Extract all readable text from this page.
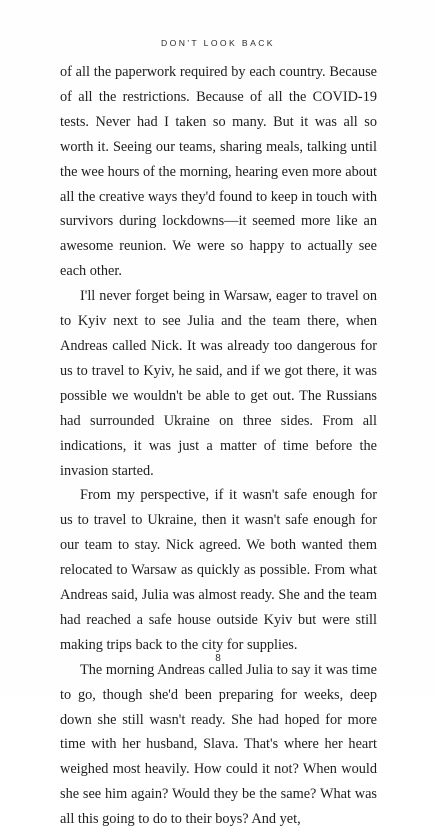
DON'T LOOK BACK

of all the paperwork required by each country. Because of all the restrictions. Because of all the COVID-19 tests. Never had I taken so many. But it was all so worth it. Seeing our teams, sharing meals, talking until the wee hours of the morning, hearing even more about all the creative ways they'd found to keep in touch with survivors during lockdowns—it seemed more like an awesome reunion. We were so happy to actually see each other.

I'll never forget being in Warsaw, eager to travel on to Kyiv next to see Julia and the team there, when Andreas called Nick. It was already too dangerous for us to travel to Kyiv, he said, and if we got there, it was possible we wouldn't be able to get out. The Russians had surrounded Ukraine on three sides. From all indications, it was just a matter of time before the invasion started.

From my perspective, if it wasn't safe enough for us to travel to Ukraine, then it wasn't safe enough for our team to stay. Nick agreed. We both wanted them relocated to Warsaw as quickly as possible. From what Andreas said, Julia was almost ready. She and the team had reached a safe house outside Kyiv but were still making trips back to the city for supplies.

The morning Andreas called Julia to say it was time to go, though she'd been preparing for weeks, deep down she still wasn't ready. She had hoped for more time with her husband, Slava. That's where her heart weighed most heavily. How could it not? When would she see him again? Would they be the same? What was all this going to do to their boys? And yet,

8
